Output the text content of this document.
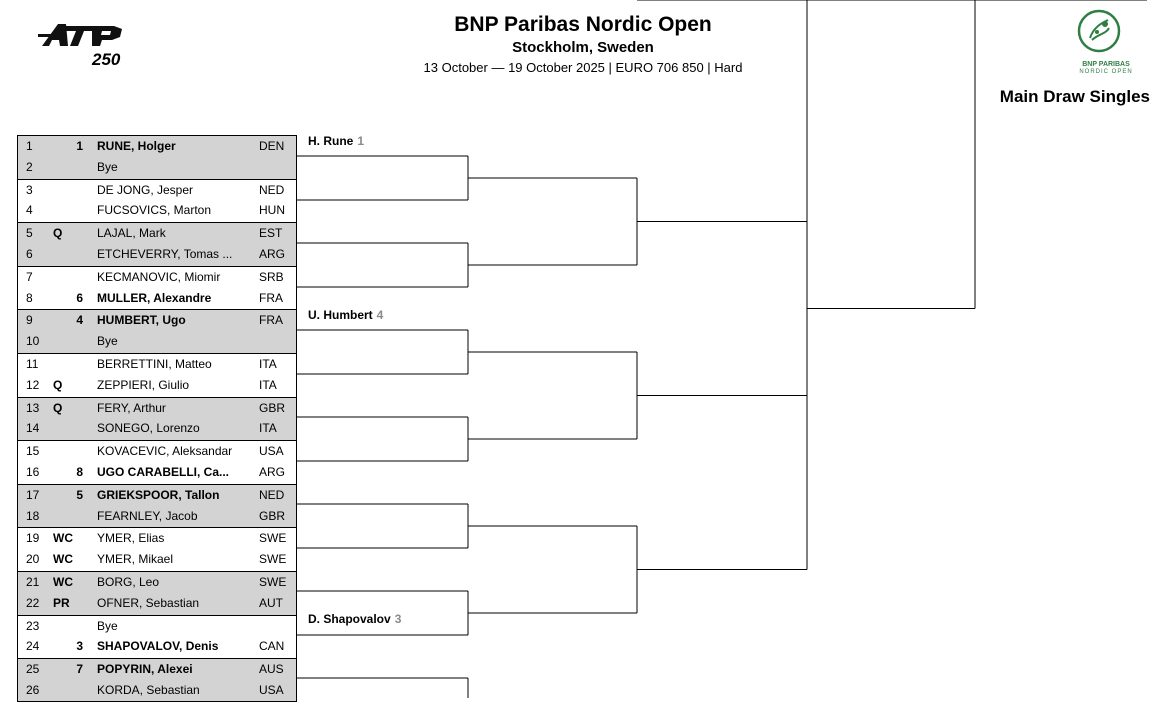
250
BNP Paribas Nordic Open
Stockholm, Sweden
13 October — 19 October 2025 | EURO 706 850 | Hard	BNP PARIBAS
NORDIC OPEN
Main Draw Singles
1	1 RUNE, Holger	DEN
2	Bye
3	DE JONG, Jesper	NED
4	FUCSOVICS, Marton	HUN
5 Q	LAJAL, Mark	EST
6	ETCHEVERRY, Tomas ...	ARG
7	KECMANOVIC, Miomir	SRB
8	6 MULLER, Alexandre	FRA
9	4 HUMBERT, Ugo	FRA
10	Bye
11	BERRETTINI, Matteo	ITA
12 Q	ZEPPIERI, Giulio	ITA
13 Q	FERY, Arthur	GBR
14	SONEGO, Lorenzo	ITA
15	KOVACEVIC, Aleksandar	USA
16	8 UGO CARABELLI, Ca...	ARG
17	5 GRIEKSPOOR, Tallon	NED
18	FEARNLEY, Jacob	GBR
19 WC YMER, Elias	SWE
20 WC YMER, Mikael	SWE
21 WC BORG, Leo	SWE
22 PR OFNER, Sebastian	AUT
23	Bye
24	3 SHAPOVALOV, Denis	CAN
25	7 POPYRIN, Alexei	AUS
26	KORDA, Sebastian	USA
H. Rune 1
U. Humbert 4
D. Shapovalov 3
